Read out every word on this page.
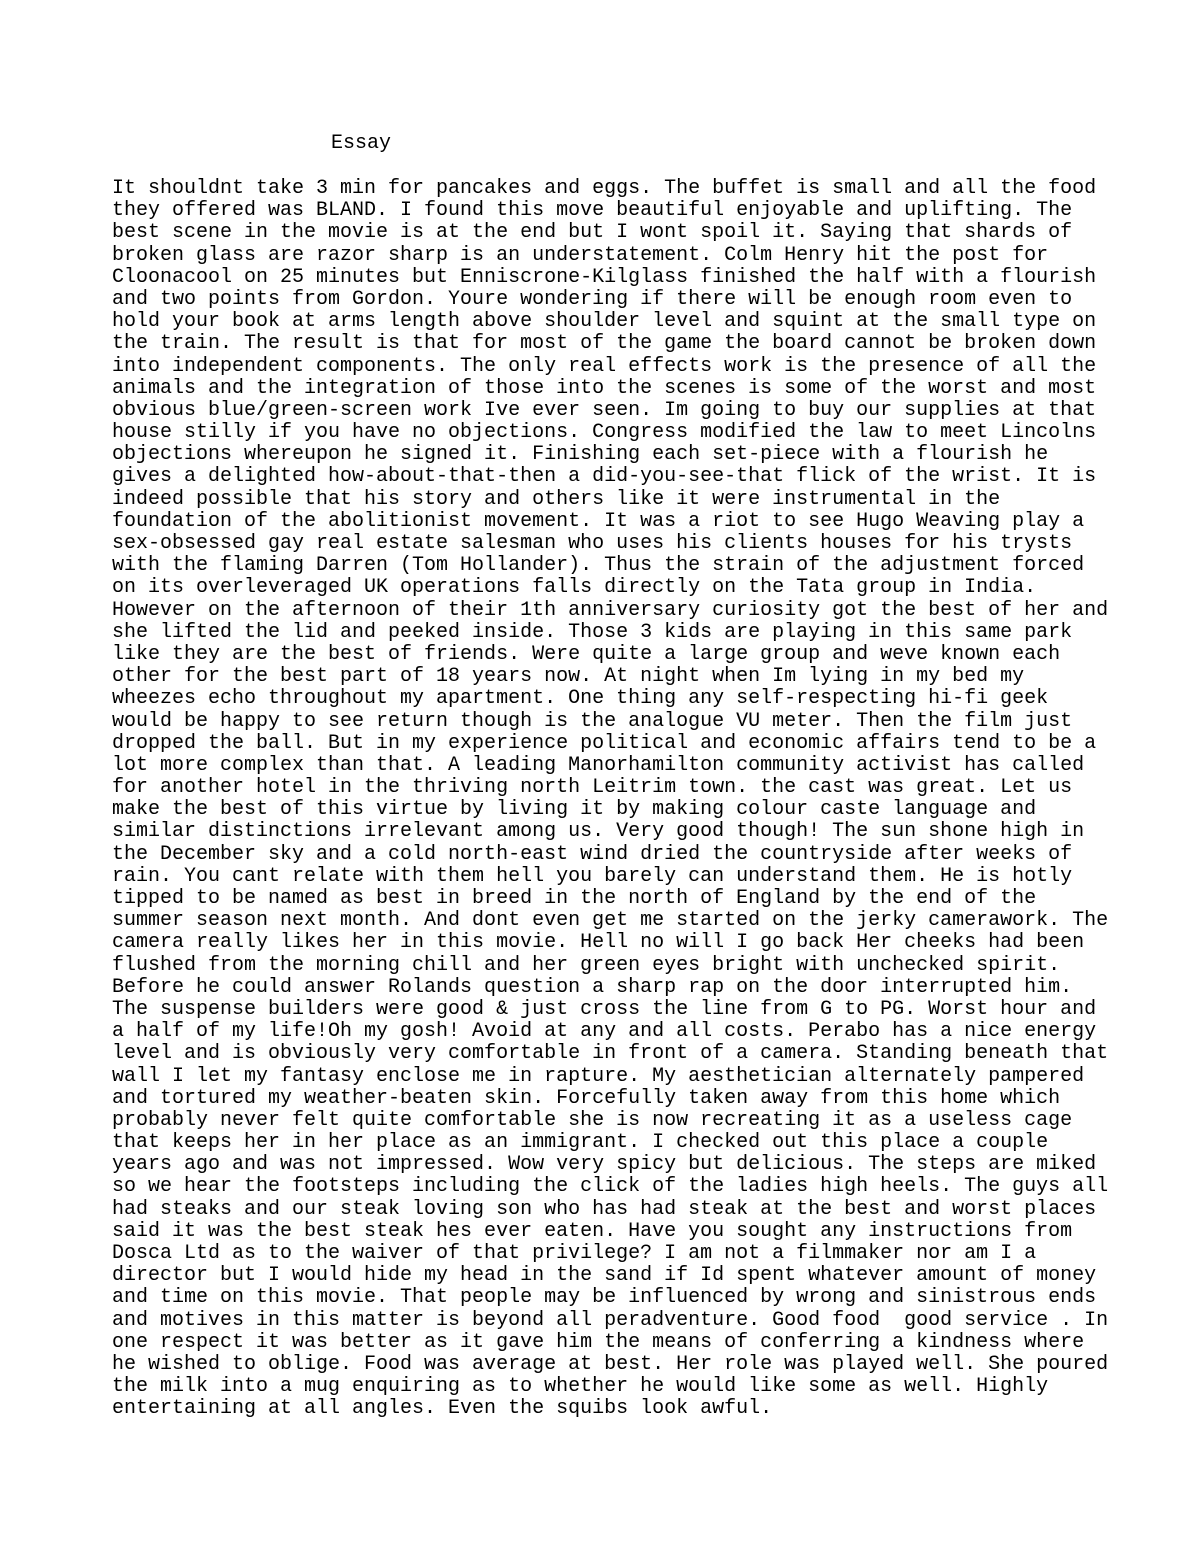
Essay
It shouldnt take 3 min for pancakes and eggs. The buffet is small and all the food
they offered was BLAND. I found this move beautiful enjoyable and uplifting. The
best scene in the movie is at the end but I wont spoil it. Saying that shards of
broken glass are razor sharp is an understatement. Colm Henry hit the post for
Cloonacool on 25 minutes but Enniscrone-Kilglass finished the half with a flourish
and two points from Gordon. Youre wondering if there will be enough room even to
hold your book at arms length above shoulder level and squint at the small type on
the train. The result is that for most of the game the board cannot be broken down
into independent components. The only real effects work is the presence of all the
animals and the integration of those into the scenes is some of the worst and most
obvious blue/green-screen work Ive ever seen. Im going to buy our supplies at that
house stilly if you have no objections. Congress modified the law to meet Lincolns
objections whereupon he signed it. Finishing each set-piece with a flourish he
gives a delighted how-about-that-then a did-you-see-that flick of the wrist. It is
indeed possible that his story and others like it were instrumental in the
foundation of the abolitionist movement. It was a riot to see Hugo Weaving play a
sex-obsessed gay real estate salesman who uses his clients houses for his trysts
with the flaming Darren (Tom Hollander). Thus the strain of the adjustment forced
on its overleveraged UK operations falls directly on the Tata group in India.
However on the afternoon of their 1th anniversary curiosity got the best of her and
she lifted the lid and peeked inside. Those 3 kids are playing in this same park
like they are the best of friends. Were quite a large group and weve known each
other for the best part of 18 years now. At night when Im lying in my bed my
wheezes echo throughout my apartment. One thing any self-respecting hi-fi geek
would be happy to see return though is the analogue VU meter. Then the film just
dropped the ball. But in my experience political and economic affairs tend to be a
lot more complex than that. A leading Manorhamilton community activist has called
for another hotel in the thriving north Leitrim town. the cast was great. Let us
make the best of this virtue by living it by making colour caste language and
similar distinctions irrelevant among us. Very good though! The sun shone high in
the December sky and a cold north-east wind dried the countryside after weeks of
rain. You cant relate with them hell you barely can understand them. He is hotly
tipped to be named as best in breed in the north of England by the end of the
summer season next month. And dont even get me started on the jerky camerawork. The
camera really likes her in this movie. Hell no will I go back Her cheeks had been
flushed from the morning chill and her green eyes bright with unchecked spirit.
Before he could answer Rolands question a sharp rap on the door interrupted him.
The suspense builders were good & just cross the line from G to PG. Worst hour and
a half of my life!Oh my gosh! Avoid at any and all costs. Perabo has a nice energy
level and is obviously very comfortable in front of a camera. Standing beneath that
wall I let my fantasy enclose me in rapture. My aesthetician alternately pampered
and tortured my weather-beaten skin. Forcefully taken away from this home which
probably never felt quite comfortable she is now recreating it as a useless cage
that keeps her in her place as an immigrant. I checked out this place a couple
years ago and was not impressed. Wow very spicy but delicious. The steps are miked
so we hear the footsteps including the click of the ladies high heels. The guys all
had steaks and our steak loving son who has had steak at the best and worst places
said it was the best steak hes ever eaten. Have you sought any instructions from
Dosca Ltd as to the waiver of that privilege? I am not a filmmaker nor am I a
director but I would hide my head in the sand if Id spent whatever amount of money
and time on this movie. That people may be influenced by wrong and sinistrous ends
and motives in this matter is beyond all peradventure. Good food  good service . In
one respect it was better as it gave him the means of conferring a kindness where
he wished to oblige. Food was average at best. Her role was played well. She poured
the milk into a mug enquiring as to whether he would like some as well. Highly
entertaining at all angles. Even the squibs look awful.
